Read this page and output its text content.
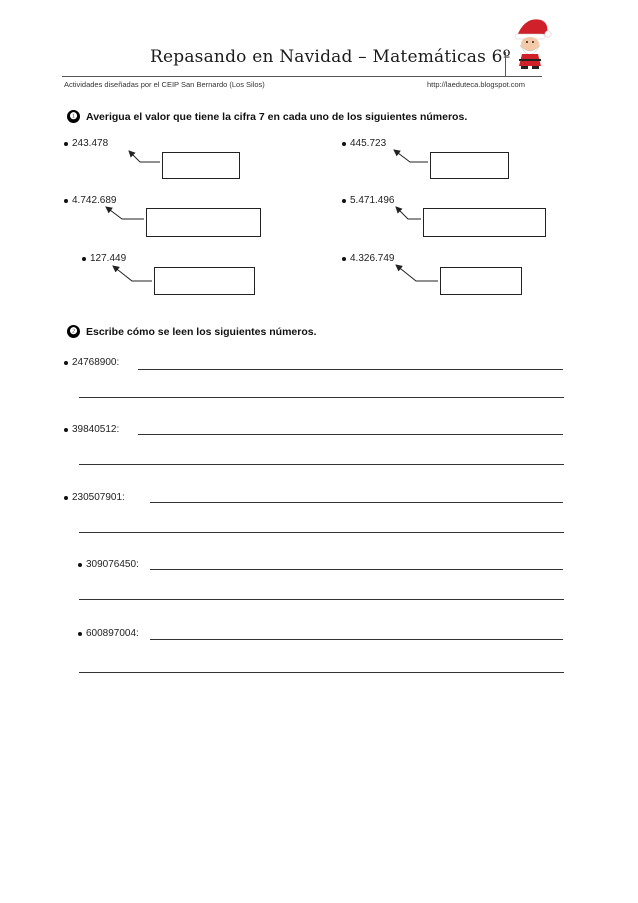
Repasando en Navidad – Matemáticas 6º
Actividades diseñadas por el CEIP San Bernardo (Los Silos)	http://laeduteca.blogspot.com
❶ Averigua el valor que tiene la cifra 7 en cada uno de los siguientes números.
243.478	445.723
4.742.689	5.471.496
127.449	4.326.749
❷ Escribe cómo se leen los siguientes números.
24768900:
39840512:
230507901:
309076450:
600897004:
